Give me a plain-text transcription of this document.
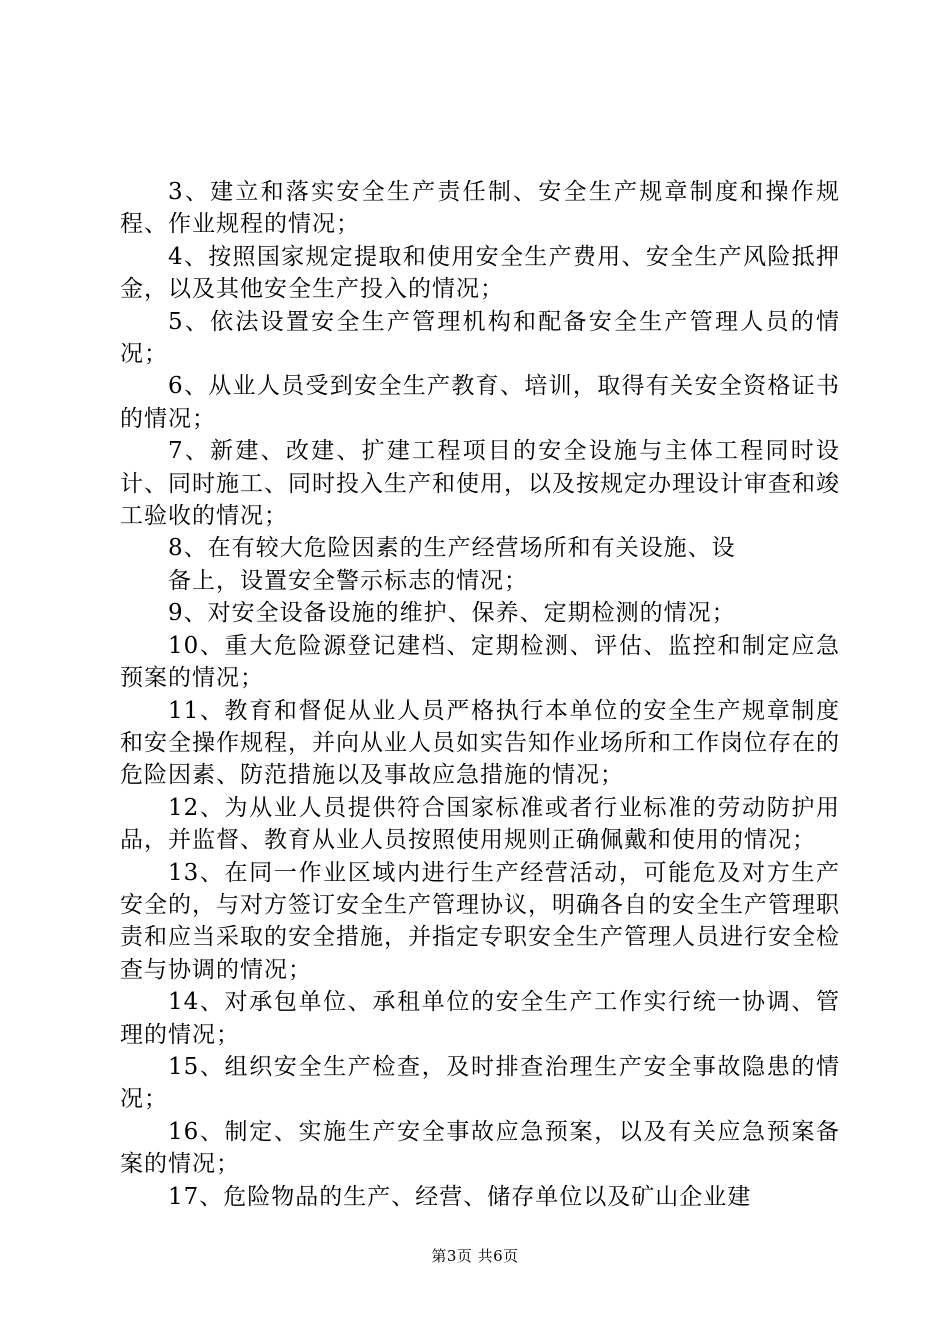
3、建立和落实安全生产责任制、安全生产规章制度和操作规程、作业规程的情况；

4、按照国家规定提取和使用安全生产费用、安全生产风险抵押金，以及其他安全生产投入的情况；

5、依法设置安全生产管理机构和配备安全生产管理人员的情况；

6、从业人员受到安全生产教育、培训，取得有关安全资格证书的情况；

7、新建、改建、扩建工程项目的安全设施与主体工程同时设计、同时施工、同时投入生产和使用，以及按规定办理设计审查和竣工验收的情况；

8、在有较大危险因素的生产经营场所和有关设施、设

备上，设置安全警示标志的情况；

9、对安全设备设施的维护、保养、定期检测的情况；

10、重大危险源登记建档、定期检测、评估、监控和制定应急预案的情况；

11、教育和督促从业人员严格执行本单位的安全生产规章制度和安全操作规程，并向从业人员如实告知作业场所和工作岗位存在的危险因素、防范措施以及事故应急措施的情况；

12、为从业人员提供符合国家标准或者行业标准的劳动防护用品，并监督、教育从业人员按照使用规则正确佩戴和使用的情况；

13、在同一作业区域内进行生产经营活动，可能危及对方生产安全的，与对方签订安全生产管理协议，明确各自的安全生产管理职责和应当采取的安全措施，并指定专职安全生产管理人员进行安全检查与协调的情况；

14、对承包单位、承租单位的安全生产工作实行统一协调、管理的情况；

15、组织安全生产检查，及时排查治理生产安全事故隐患的情况；

16、制定、实施生产安全事故应急预案，以及有关应急预案备案的情况；

17、危险物品的生产、经营、储存单位以及矿山企业建

第3页 共6页
